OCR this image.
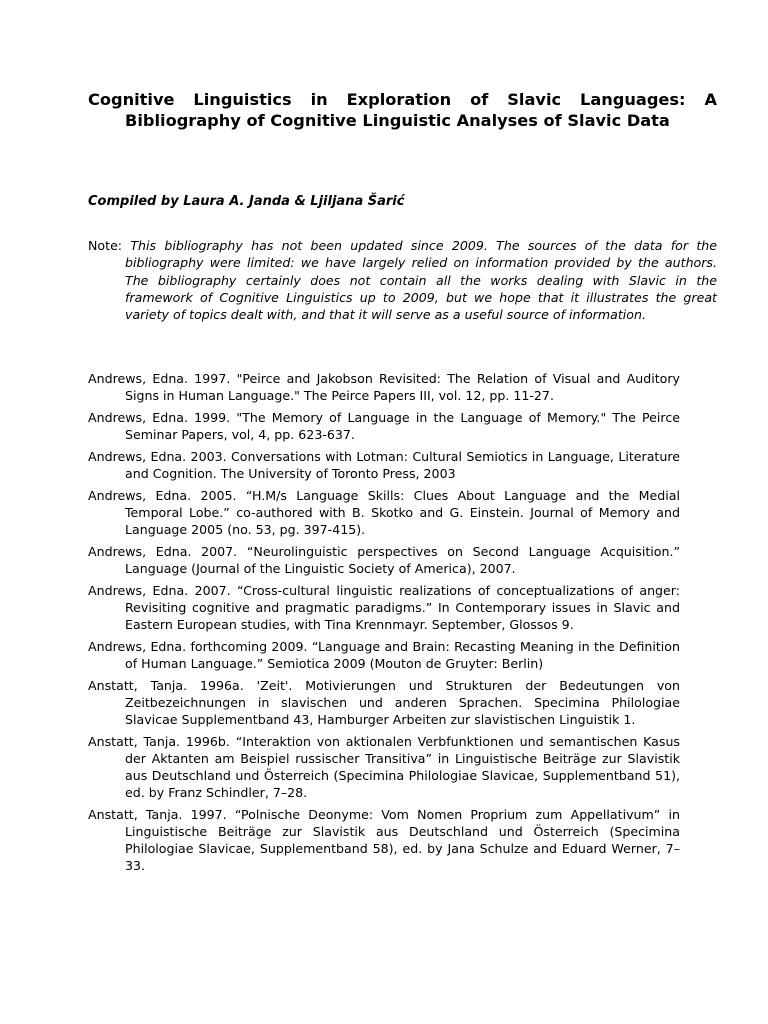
Cognitive Linguistics in Exploration of Slavic Languages: A Bibliography of Cognitive Linguistic Analyses of Slavic Data

Compiled by Laura A. Janda & Ljiljana Šarić

Note: This bibliography has not been updated since 2009. The sources of the data for the bibliography were limited: we have largely relied on information provided by the authors. The bibliography certainly does not contain all the works dealing with Slavic in the framework of Cognitive Linguistics up to 2009, but we hope that it illustrates the great variety of topics dealt with, and that it will serve as a useful source of information.

Andrews, Edna. 1997. "Peirce and Jakobson Revisited: The Relation of Visual and Auditory Signs in Human Language." The Peirce Papers III, vol. 12, pp. 11-27.
Andrews, Edna. 1999. "The Memory of Language in the Language of Memory." The Peirce Seminar Papers, vol, 4, pp. 623-637.
Andrews, Edna. 2003. Conversations with Lotman: Cultural Semiotics in Language, Literature and Cognition. The University of Toronto Press, 2003
Andrews, Edna. 2005. “H.M/s Language Skills: Clues About Language and the Medial Temporal Lobe.” co-authored with B. Skotko and G. Einstein. Journal of Memory and Language 2005 (no. 53, pg. 397-415).
Andrews, Edna. 2007. “Neurolinguistic perspectives on Second Language Acquisition.” Language (Journal of the Linguistic Society of America), 2007.
Andrews, Edna. 2007. “Cross-cultural linguistic realizations of conceptualizations of anger: Revisiting cognitive and pragmatic paradigms.” In Contemporary issues in Slavic and Eastern European studies, with Tina Krennmayr. September, Glossos 9.
Andrews, Edna. forthcoming 2009. “Language and Brain: Recasting Meaning in the Definition of Human Language.” Semiotica 2009 (Mouton de Gruyter: Berlin)
Anstatt, Tanja. 1996a. 'Zeit'. Motivierungen und Strukturen der Bedeutungen von Zeitbezeichnungen in slavischen und anderen Sprachen. Specimina Philologiae Slavicae Supplementband 43, Hamburger Arbeiten zur slavistischen Linguistik 1.
Anstatt, Tanja. 1996b. “Interaktion von aktionalen Verbfunktionen und semantischen Kasus der Aktanten am Beispiel russischer Transitiva” in Linguistische Beiträge zur Slavistik aus Deutschland und Österreich (Specimina Philologiae Slavicae, Supplementband 51), ed. by Franz Schindler, 7–28.
Anstatt, Tanja. 1997. “Polnische Deonyme: Vom Nomen Proprium zum Appellativum” in Linguistische Beiträge zur Slavistik aus Deutschland und Österreich (Specimina Philologiae Slavicae, Supplementband 58), ed. by Jana Schulze and Eduard Werner, 7–33.
